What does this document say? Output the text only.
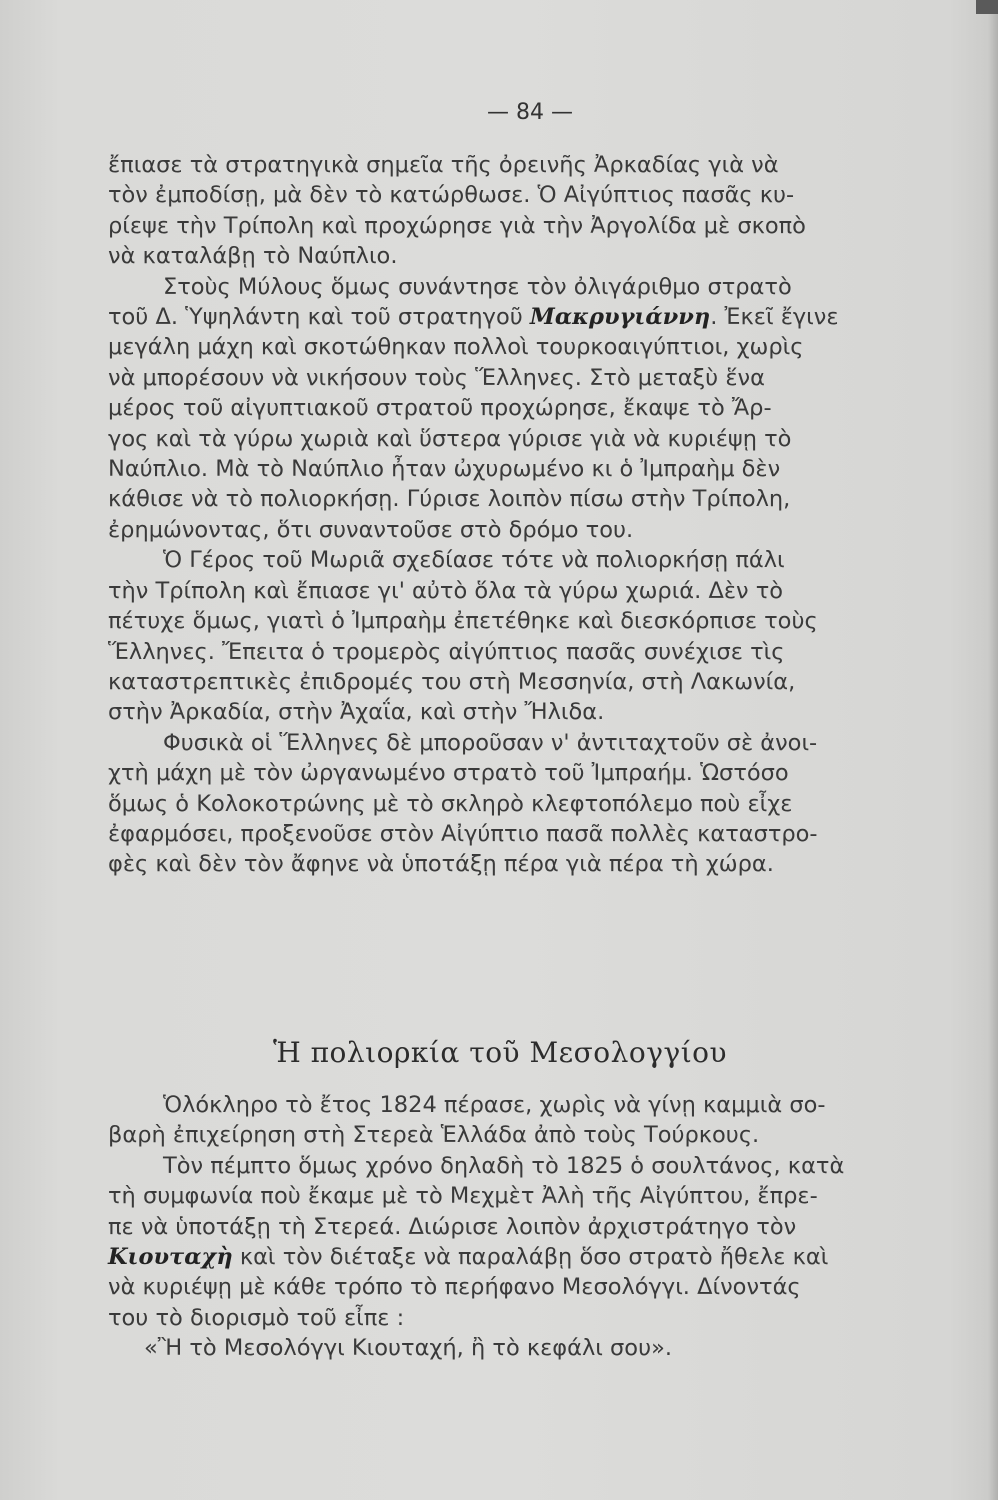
— 84 —

ἔπιασε τὰ στρατηγικὰ σημεῖα τῆς ὀρεινῆς Ἀρκαδίας γιὰ νὰ
τὸν ἐμποδίσῃ, μὰ δὲν τὸ κατώρθωσε. Ὁ Αἰγύπτιος πασᾶς κυ-
ρίεψε τὴν Τρίπολη καὶ προχώρησε γιὰ τὴν Ἀργολίδα μὲ σκοπὸ
νὰ καταλάβῃ τὸ Ναύπλιο.

Στοὺς Μύλους ὅμως συνάντησε τὸν ὀλιγάριθμο στρατὸ
τοῦ Δ. Ὑψηλάντη καὶ τοῦ στρατηγοῦ Μακρυγιάννη. Ἐκεῖ ἔγινε
μεγάλη μάχη καὶ σκοτώθηκαν πολλοὶ τουρκοαιγύπτιοι, χωρὶς
νὰ μπορέσουν νὰ νικήσουν τοὺς Ἕλληνες. Στὸ μεταξὺ ἕνα
μέρος τοῦ αἰγυπτιακοῦ στρατοῦ προχώρησε, ἔκαψε τὸ Ἄρ-
γος καὶ τὰ γύρω χωριὰ καὶ ὕστερα γύρισε γιὰ νὰ κυριέψῃ τὸ
Ναύπλιο. Μὰ τὸ Ναύπλιο ἦταν ὠχυρωμένο κι ὁ Ἰμπραὴμ δὲν
κάθισε νὰ τὸ πολιορκήσῃ. Γύρισε λοιπὸν πίσω στὴν Τρίπολη,
ἐρημώνοντας, ὅτι συναντοῦσε στὸ δρόμο του.

Ὁ Γέρος τοῦ Μωριᾶ σχεδίασε τότε νὰ πολιορκήσῃ πάλι
τὴν Τρίπολη καὶ ἔπιασε γι' αὐτὸ ὅλα τὰ γύρω χωριά. Δὲν τὸ
πέτυχε ὅμως, γιατὶ ὁ Ἰμπραὴμ ἐπετέθηκε καὶ διεσκόρπισε τοὺς
Ἕλληνες. Ἔπειτα ὁ τρομερὸς αἰγύπτιος πασᾶς συνέχισε τὶς
καταστρεπτικὲς ἐπιδρομές του στὴ Μεσσηνία, στὴ Λακωνία,
στὴν Ἀρκαδία, στὴν Ἀχαΐα, καὶ στὴν Ἤλιδα.

Φυσικὰ οἱ Ἕλληνες δὲ μποροῦσαν ν' ἀντιταχτοῦν σὲ ἀνοι-
χτὴ μάχη μὲ τὸν ὠργανωμένο στρατὸ τοῦ Ἰμπραήμ. Ὡστόσο
ὅμως ὁ Κολοκοτρώνης μὲ τὸ σκληρὸ κλεφτοπόλεμο ποὺ εἶχε
ἐφαρμόσει, προξενοῦσε στὸν Αἰγύπτιο πασᾶ πολλὲς καταστρο-
φὲς καὶ δὲν τὸν ἄφηνε νὰ ὑποτάξῃ πέρα γιὰ πέρα τὴ χώρα.

Ἡ πολιορκία τοῦ Μεσολογγίου

Ὁλόκληρο τὸ ἔτος 1824 πέρασε, χωρὶς νὰ γίνῃ καμμιὰ σο-
βαρὴ ἐπιχείρηση στὴ Στερεὰ Ἑλλάδα ἀπὸ τοὺς Τούρκους.

Τὸν πέμπτο ὅμως χρόνο δηλαδὴ τὸ 1825 ὁ σουλτάνος, κατὰ
τὴ συμφωνία ποὺ ἔκαμε μὲ τὸ Μεχμὲτ Ἀλὴ τῆς Αἰγύπτου, ἔπρε-
πε νὰ ὑποτάξῃ τὴ Στερεά. Διώρισε λοιπὸν ἀρχιστράτηγο τὸν
Κιουταχὴ καὶ τὸν διέταξε νὰ παραλάβῃ ὅσο στρατὸ ἤθελε καὶ
νὰ κυριέψῃ μὲ κάθε τρόπο τὸ περήφανο Μεσολόγγι. Δίνοντάς
του τὸ διορισμὸ τοῦ εἶπε :

«Ἢ τὸ Μεσολόγγι Κιουταχή, ἢ τὸ κεφάλι σου».
